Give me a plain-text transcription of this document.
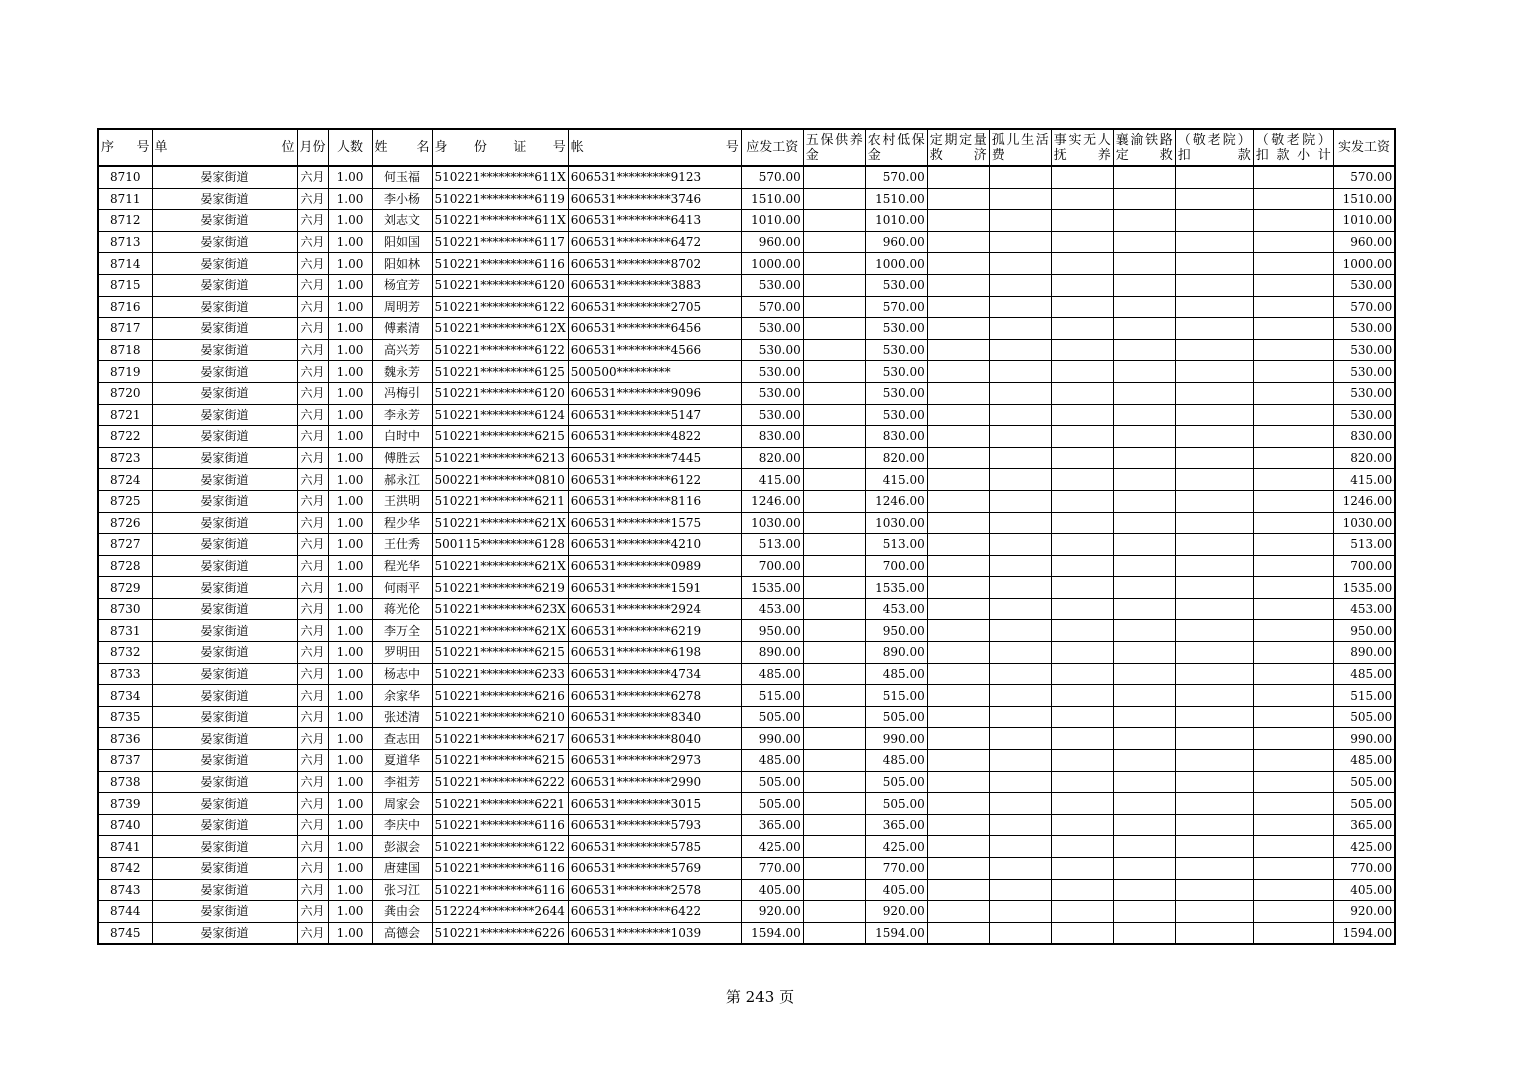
序　号	单　　位	月份	人数	姓　名	身　份　证　号	帐　　号	应发工资	五保供养金	农村低保金	定期定量救济	孤儿生活费	事实无人抚养	襄渝铁路定救	（敬老院）扣款	（敬老院）扣款小计	实发工资
8710	晏家街道	六月	1.00	何玉福	510221*********611X	606531*********9123	570.00		570.00							570.00
8711	晏家街道	六月	1.00	李小杨	510221*********6119	606531*********3746	1510.00		1510.00							1510.00
8712	晏家街道	六月	1.00	刘志文	510221*********611X	606531*********6413	1010.00		1010.00							1010.00
8713	晏家街道	六月	1.00	阳如国	510221*********6117	606531*********6472	960.00		960.00							960.00
8714	晏家街道	六月	1.00	阳如林	510221*********6116	606531*********8702	1000.00		1000.00							1000.00
8715	晏家街道	六月	1.00	杨宜芳	510221*********6120	606531*********3883	530.00		530.00							530.00
8716	晏家街道	六月	1.00	周明芳	510221*********6122	606531*********2705	570.00		570.00							570.00
8717	晏家街道	六月	1.00	傅素清	510221*********612X	606531*********6456	530.00		530.00							530.00
8718	晏家街道	六月	1.00	高兴芳	510221*********6122	606531*********4566	530.00		530.00							530.00
8719	晏家街道	六月	1.00	魏永芳	510221*********6125	500500*********	530.00		530.00							530.00
8720	晏家街道	六月	1.00	冯梅引	510221*********6120	606531*********9096	530.00		530.00							530.00
8721	晏家街道	六月	1.00	李永芳	510221*********6124	606531*********5147	530.00		530.00							530.00
8722	晏家街道	六月	1.00	白时中	510221*********6215	606531*********4822	830.00		830.00							830.00
8723	晏家街道	六月	1.00	傅胜云	510221*********6213	606531*********7445	820.00		820.00							820.00
8724	晏家街道	六月	1.00	郝永江	500221*********0810	606531*********6122	415.00		415.00							415.00
8725	晏家街道	六月	1.00	王洪明	510221*********6211	606531*********8116	1246.00		1246.00							1246.00
8726	晏家街道	六月	1.00	程少华	510221*********621X	606531*********1575	1030.00		1030.00							1030.00
8727	晏家街道	六月	1.00	王仕秀	500115*********6128	606531*********4210	513.00		513.00							513.00
8728	晏家街道	六月	1.00	程光华	510221*********621X	606531*********0989	700.00		700.00							700.00
8729	晏家街道	六月	1.00	何雨平	510221*********6219	606531*********1591	1535.00		1535.00							1535.00
8730	晏家街道	六月	1.00	蒋光伦	510221*********623X	606531*********2924	453.00		453.00							453.00
8731	晏家街道	六月	1.00	李万全	510221*********621X	606531*********6219	950.00		950.00							950.00
8732	晏家街道	六月	1.00	罗明田	510221*********6215	606531*********6198	890.00		890.00							890.00
8733	晏家街道	六月	1.00	杨志中	510221*********6233	606531*********4734	485.00		485.00							485.00
8734	晏家街道	六月	1.00	余家华	510221*********6216	606531*********6278	515.00		515.00							515.00
8735	晏家街道	六月	1.00	张述清	510221*********6210	606531*********8340	505.00		505.00							505.00
8736	晏家街道	六月	1.00	查志田	510221*********6217	606531*********8040	990.00		990.00							990.00
8737	晏家街道	六月	1.00	夏道华	510221*********6215	606531*********2973	485.00		485.00							485.00
8738	晏家街道	六月	1.00	李祖芳	510221*********6222	606531*********2990	505.00		505.00							505.00
8739	晏家街道	六月	1.00	周家会	510221*********6221	606531*********3015	505.00		505.00							505.00
8740	晏家街道	六月	1.00	李庆中	510221*********6116	606531*********5793	365.00		365.00							365.00
8741	晏家街道	六月	1.00	彭淑会	510221*********6122	606531*********5785	425.00		425.00							425.00
8742	晏家街道	六月	1.00	唐建国	510221*********6116	606531*********5769	770.00		770.00							770.00
8743	晏家街道	六月	1.00	张习江	510221*********6116	606531*********2578	405.00		405.00							405.00
8744	晏家街道	六月	1.00	龚由会	512224*********2644	606531*********6422	920.00		920.00							920.00
8745	晏家街道	六月	1.00	高德会	510221*********6226	606531*********1039	1594.00		1594.00							1594.00
第 243 页
